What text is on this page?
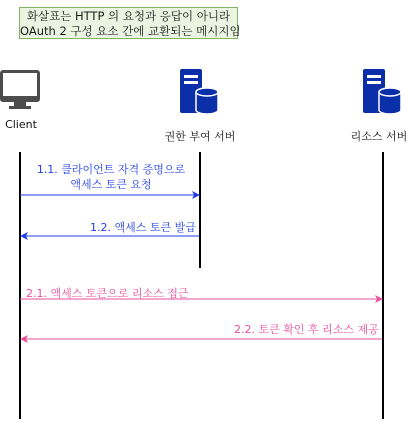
화살표는 HTTP 의 요청과 응답이 아니라
OAuth 2 구성 요소 간에 교환되는 메시지임
Client
권한 부여 서버	리소스 서버
1.1. 클라이언트 자격 증명으로
액세스 토큰 요청
1.2. 액세스 토큰 발급
2.1. 액세스 토큰으로 리소스 접근
2.2. 토큰 확인 후 리소스 제공
